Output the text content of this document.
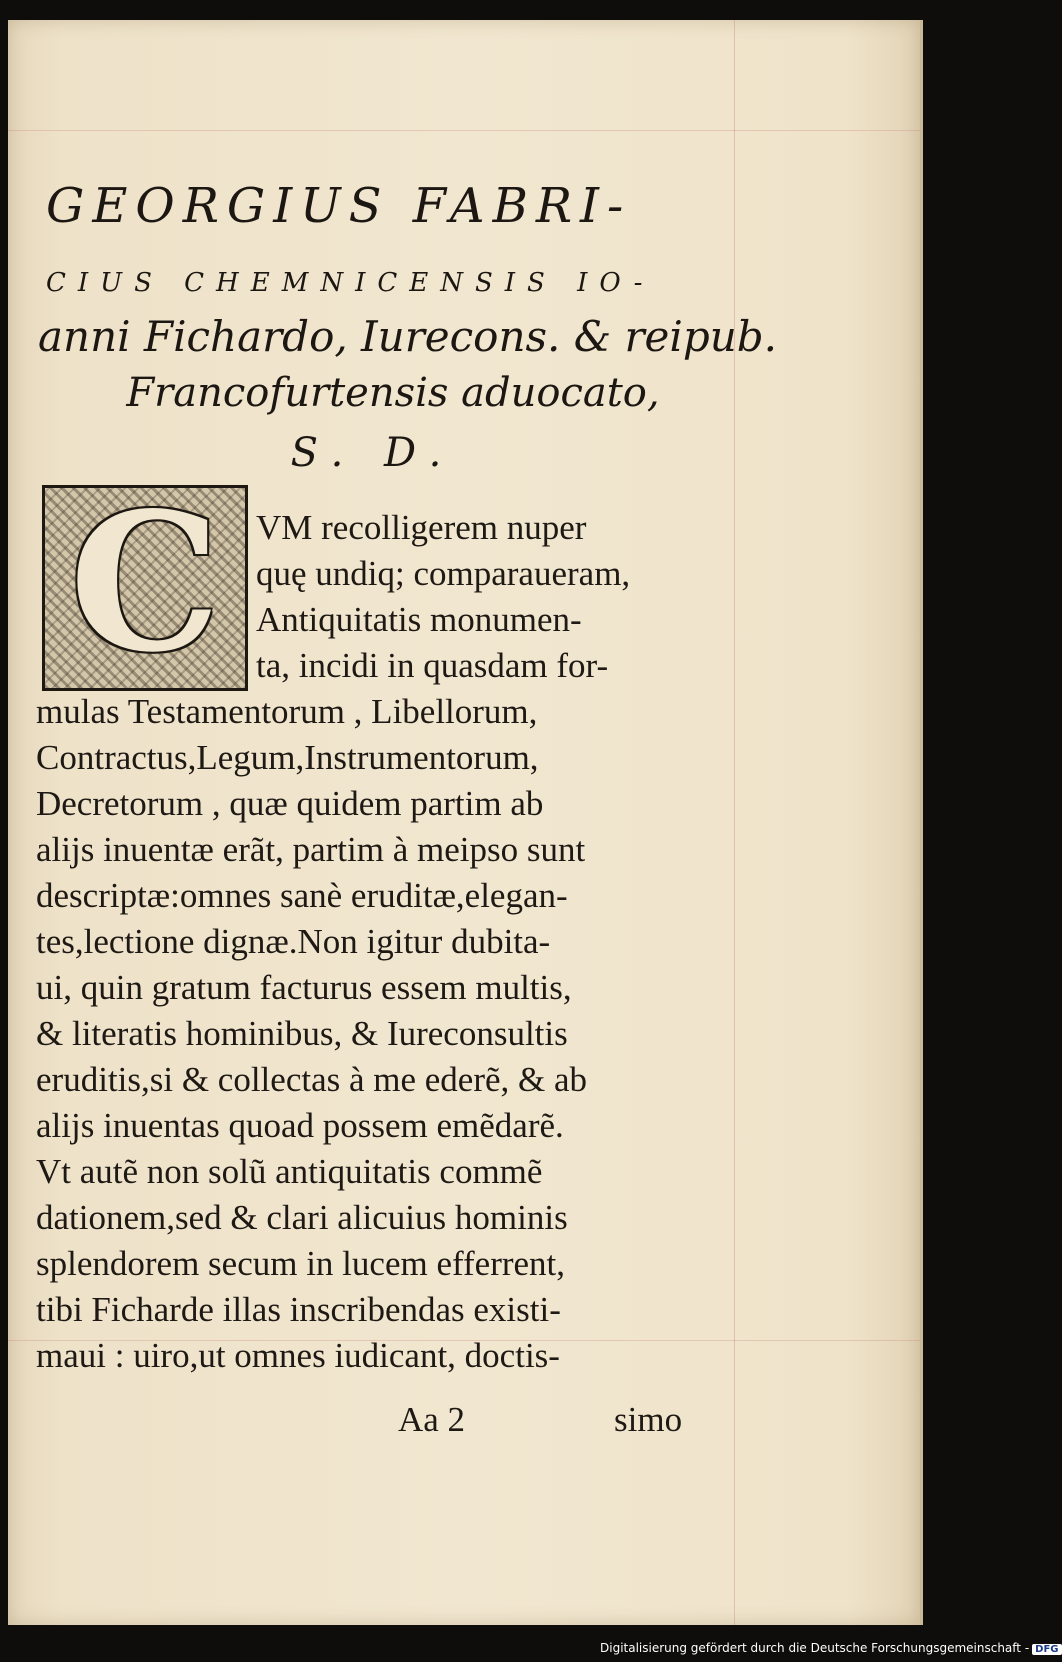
GEORGIUS FABRI-
CIUS CHEMNICENSIS IO-
anni Fichardo, Iurecons. & reipub.
Francofurtensis aduocato,
S. D.
C VM recolligerem nuper
quę undiq; comparaueram,
Antiquitatis monumen-
ta, incidi in quasdam for-
mulas Testamentorum , Libellorum,
Contractus,Legum,Instrumentorum,
Decretorum , quæ quidem partim ab
alijs inuentæ erãt, partim à meipso sunt
descriptæ:omnes sanè eruditæ,elegan-
tes,lectione dignæ.Non igitur dubita-
ui, quin gratum facturus essem multis,
& literatis hominibus, & Iureconsultis
eruditis,si & collectas à me ederẽ, & ab
alijs inuentas quoad possem emẽdarẽ.
Vt autẽ non solũ antiquitatis commẽ
dationem,sed & clari alicuius hominis
splendorem secum in lucem efferrent,
tibi Ficharde illas inscribendas existi-
maui : uiro,ut omnes iudicant, doctis-
Aa 2	simo
Digitalisierung gefördert durch die Deutsche Forschungsgemeinschaft - DFG
